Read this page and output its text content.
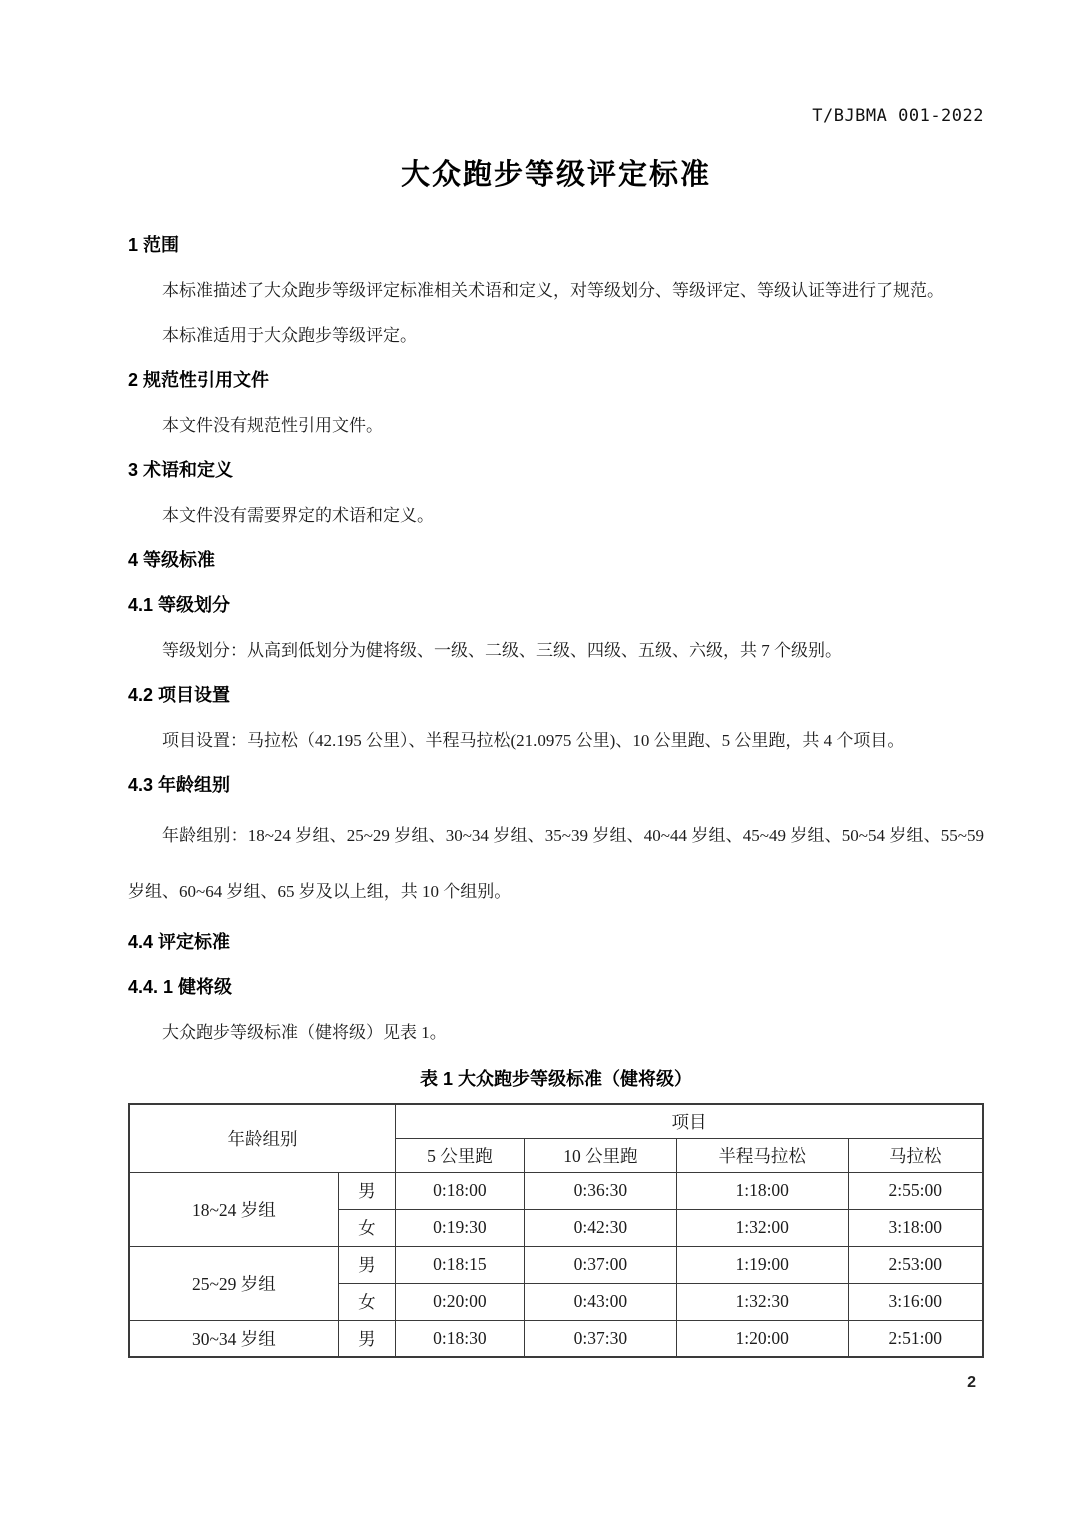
T/BJBMA 001-2022
大众跑步等级评定标准
1 范围

本标准描述了大众跑步等级评定标准相关术语和定义，对等级划分、等级评定、等级认证等进行了规范。

本标准适用于大众跑步等级评定。

2 规范性引用文件

本文件没有规范性引用文件。

3 术语和定义

本文件没有需要界定的术语和定义。

4 等级标准
4.1 等级划分

等级划分：从高到低划分为健将级、一级、二级、三级、四级、五级、六级，共 7 个级别。

4.2 项目设置

项目设置：马拉松（42.195 公里）、半程马拉松(21.0975 公里)、10 公里跑、5 公里跑，共 4 个项目。

4.3 年龄组别

年龄组别：18~24 岁组、25~29 岁组、30~34 岁组、35~39 岁组、40~44 岁组、45~49 岁组、50~54 岁组、55~59 岁组、60~64 岁组、65 岁及以上组，共 10 个组别。

4.4 评定标准
4.4. 1 健将级

大众跑步等级标准（健将级）见表 1。

表 1 大众跑步等级标准（健将级）
年龄组别		项目			
		5 公里跑	10 公里跑	半程马拉松	马拉松
18~24 岁组	男	0:18:00	0:36:30	1:18:00	2:55:00
	女	0:19:30	0:42:30	1:32:00	3:18:00
25~29 岁组	男	0:18:15	0:37:00	1:19:00	2:53:00
	女	0:20:00	0:43:00	1:32:30	3:16:00
30~34 岁组	男	0:18:30	0:37:30	1:20:00	2:51:00
2
